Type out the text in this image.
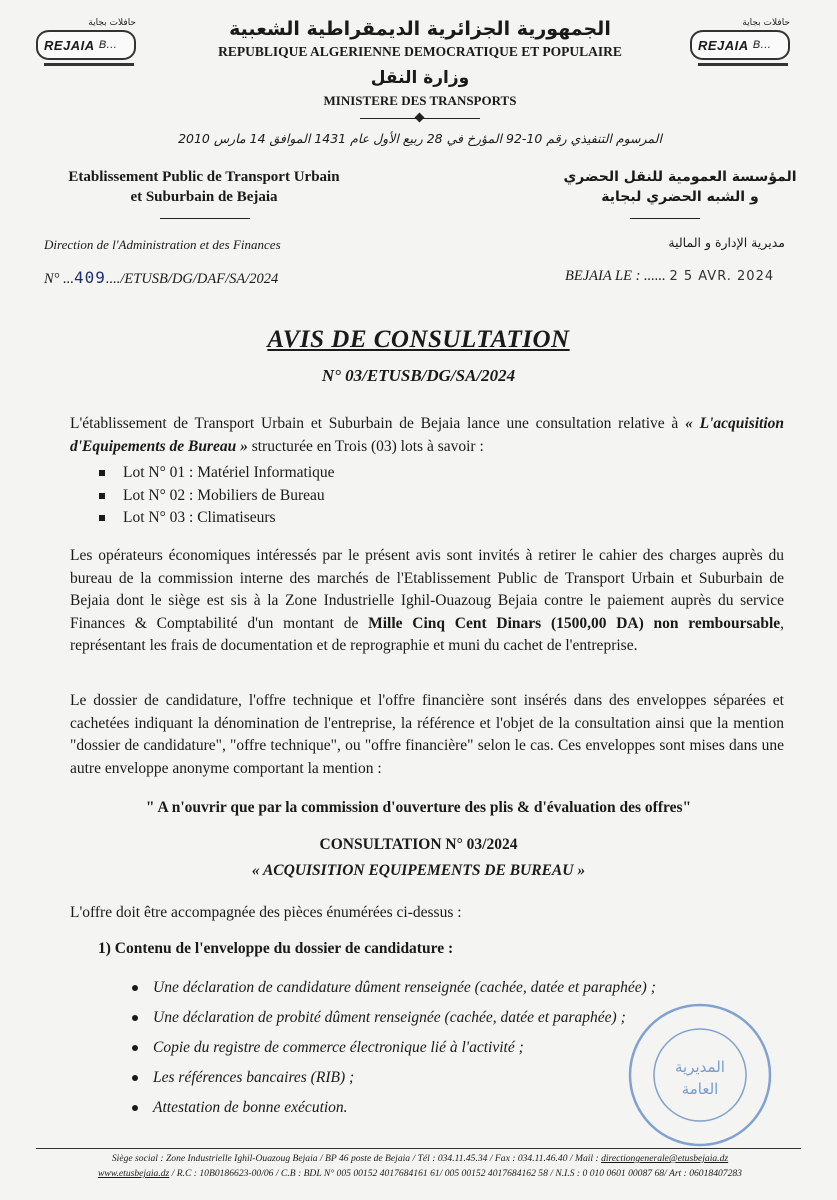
حافلات بجاية
REJAIA
B...
حافلات بجاية
REJAIA
B...
الجمهورية الجزائرية الديمقراطية الشعبية
REPUBLIQUE ALGERIENNE DEMOCRATIQUE ET POPULAIRE
وزارة النقل
MINISTERE DES TRANSPORTS
المرسوم التنفيذي رقم 10-92 المؤرخ في 28 ربيع الأول عام 1431 الموافق 14 مارس 2010
Etablissement Public de Transport Urbain
et Suburbain de Bejaia
المؤسسة العمومية للنقل الحضري
و الشبه الحضري لبجاية
Direction de l'Administration et des Finances	مديرية الإدارة و المالية
N° ...409..../ETUSB/DG/DAF/SA/2024	BEJAIA LE : ...... 2 5 AVR. 2024
AVIS DE CONSULTATION
N° 03/ETUSB/DG/SA/2024
L'établissement de Transport Urbain et Suburbain de Bejaia lance une consultation relative à « L'acquisition d'Equipements de Bureau » structurée en Trois (03) lots à savoir :
Lot N° 01 : Matériel Informatique
Lot N° 02 : Mobiliers de Bureau
Lot N° 03 : Climatiseurs
Les opérateurs économiques intéressés par le présent avis sont invités à retirer le cahier des charges auprès du bureau de la commission interne des marchés de l'Etablissement Public de Transport Urbain et Suburbain de Bejaia dont le siège est sis à la Zone Industrielle Ighil-Ouazoug Bejaia contre le paiement auprès du service Finances & Comptabilité d'un montant de Mille Cinq Cent Dinars (1500,00 DA) non remboursable, représentant les frais de documentation et de reprographie et muni du cachet de l'entreprise.
Le dossier de candidature, l'offre technique et l'offre financière sont insérés dans des enveloppes séparées et cachetées indiquant la dénomination de l'entreprise, la référence et l'objet de la consultation ainsi que la mention "dossier de candidature", "offre technique", ou "offre financière" selon le cas. Ces enveloppes sont mises dans une autre enveloppe anonyme comportant la mention :
" A n'ouvrir que par la commission d'ouverture des plis & d'évaluation des offres"
CONSULTATION N° 03/2024
« ACQUISITION EQUIPEMENTS DE BUREAU »
L'offre doit être accompagnée des pièces énumérées ci-dessus :
1) Contenu de l'enveloppe du dossier de candidature :
Une déclaration de candidature dûment renseignée (cachée, datée et paraphée) ;
Une déclaration de probité dûment renseignée (cachée, datée et paraphée) ;
Copie du registre de commerce électronique lié à l'activité ;
Les références bancaires (RIB) ;
Attestation de bonne exécution.
المديرية
العامة
Siège social : Zone Industrielle Ighil-Ouazoug Bejaia / BP 46 poste de Bejaia / Tél : 034.11.45.34 / Fax : 034.11.46.40 / Mail : directiongenerale@etusbejaia.dz
www.etusbejaia.dz / R.C : 10B0186623-00/06 / C.B : BDL N° 005 00152 4017684161 61/ 005 00152 4017684162 58 / N.I.S : 0 010 0601 00087 68/ Art : 06018407283
